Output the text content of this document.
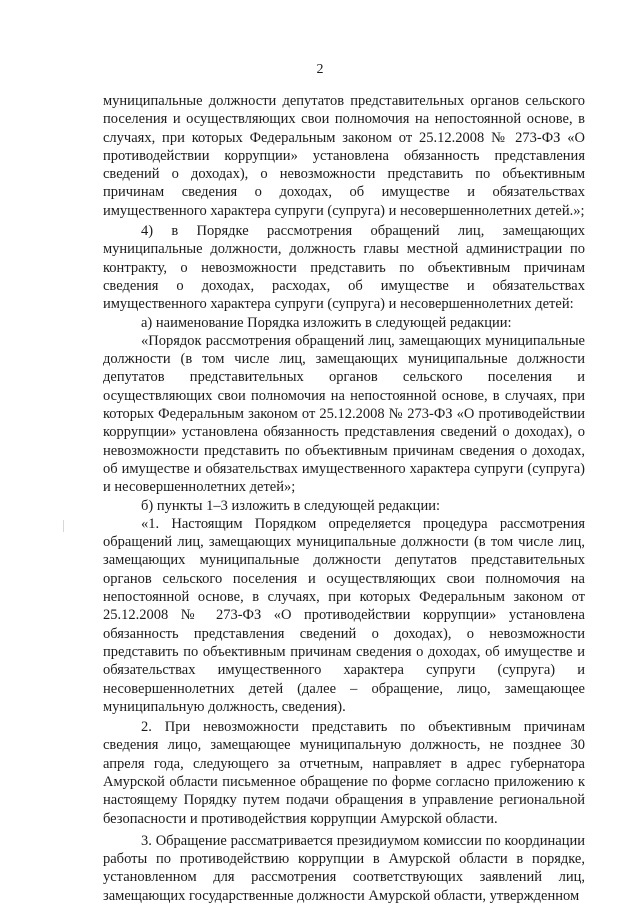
2

муниципальные должности депутатов представительных органов сельского поселения и осуществляющих свои полномочия на непостоянной основе, в случаях, при которых Федеральным законом от 25.12.2008 № 273-ФЗ «О противодействии коррупции» установлена обязанность представления сведений о доходах), о невозможности представить по объективным причинам сведения о доходах, об имуществе и обязательствах имущественного характера супруги (супруга) и несовершеннолетних детей.»;

4) в Порядке рассмотрения обращений лиц, замещающих муниципальные должности, должность главы местной администрации по контракту, о невозможности представить по объективным причинам сведения о доходах, расходах, об имуществе и обязательствах имущественного характера супруги (супруга) и несовершеннолетних детей:

а) наименование Порядка изложить в следующей редакции:

«Порядок рассмотрения обращений лиц, замещающих муниципальные должности (в том числе лиц, замещающих муниципальные должности депутатов представительных органов сельского поселения и осуществляющих свои полномочия на непостоянной основе, в случаях, при которых Федеральным законом от 25.12.2008 № 273-ФЗ «О противодействии коррупции» установлена обязанность представления сведений о доходах), о невозможности представить по объективным причинам сведения о доходах, об имуществе и обязательствах имущественного характера супруги (супруга) и несовершеннолетних детей»;

б) пункты 1–3 изложить в следующей редакции:

«1. Настоящим Порядком определяется процедура рассмотрения обращений лиц, замещающих муниципальные должности (в том числе лиц, замещающих муниципальные должности депутатов представительных органов сельского поселения и осуществляющих свои полномочия на непостоянной основе, в случаях, при которых Федеральным законом от 25.12.2008 № 273-ФЗ «О противодействии коррупции» установлена обязанность представления сведений о доходах), о невозможности представить по объективным причинам сведения о доходах, об имуществе и обязательствах имущественного характера супруги (супруга) и несовершеннолетних детей (далее – обращение, лицо, замещающее муниципальную должность, сведения).

2. При невозможности представить по объективным причинам сведения лицо, замещающее муниципальную должность, не позднее 30 апреля года, следующего за отчетным, направляет в адрес губернатора Амурской области письменное обращение по форме согласно приложению к настоящему Порядку путем подачи обращения в управление региональной безопасности и противодействия коррупции Амурской области.

3. Обращение рассматривается президиумом комиссии по координации работы по противодействию коррупции в Амурской области в порядке, установленном для рассмотрения соответствующих заявлений лиц, замещающих государственные должности Амурской области, утвержденном
